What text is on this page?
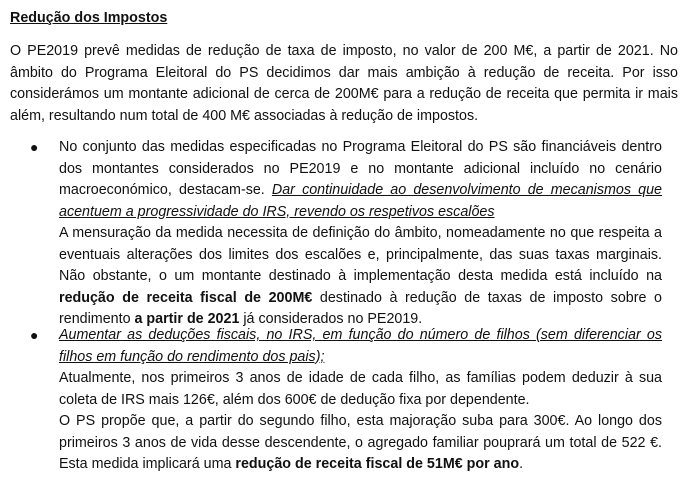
Redução dos Impostos

O PE2019 prevê medidas de redução de taxa de imposto, no valor de 200 M€, a partir de 2021. No âmbito do Programa Eleitoral do PS decidimos dar mais ambição à redução de receita. Por isso considerámos um montante adicional de cerca de 200M€ para a redução de receita que permita ir mais além, resultando num total de 400 M€ associadas à redução de impostos.

● No conjunto das medidas especificadas no Programa Eleitoral do PS são financiáveis dentro dos montantes considerados no PE2019 e no montante adicional incluído no cenário macroeconómico, destacam-se. Dar continuidade ao desenvolvimento de mecanismos que acentuem a progressividade do IRS, revendo os respetivos escalões

A mensuração da medida necessita de definição do âmbito, nomeadamente no que respeita a eventuais alterações dos limites dos escalões e, principalmente, das suas taxas marginais. Não obstante, o um montante destinado à implementação desta medida está incluído na redução de receita fiscal de 200M€ destinado à redução de taxas de imposto sobre o rendimento a partir de 2021 já considerados no PE2019.

● Aumentar as deduções fiscais, no IRS, em função do número de filhos (sem diferenciar os filhos em função do rendimento dos pais);

Atualmente, nos primeiros 3 anos de idade de cada filho, as famílias podem deduzir à sua coleta de IRS mais 126€, além dos 600€ de dedução fixa por dependente.

O PS propõe que, a partir do segundo filho, esta majoração suba para 300€. Ao longo dos primeiros 3 anos de vida desse descendente, o agregado familiar pouprará um total de 522 €. Esta medida implicará uma redução de receita fiscal de 51M€ por ano.
